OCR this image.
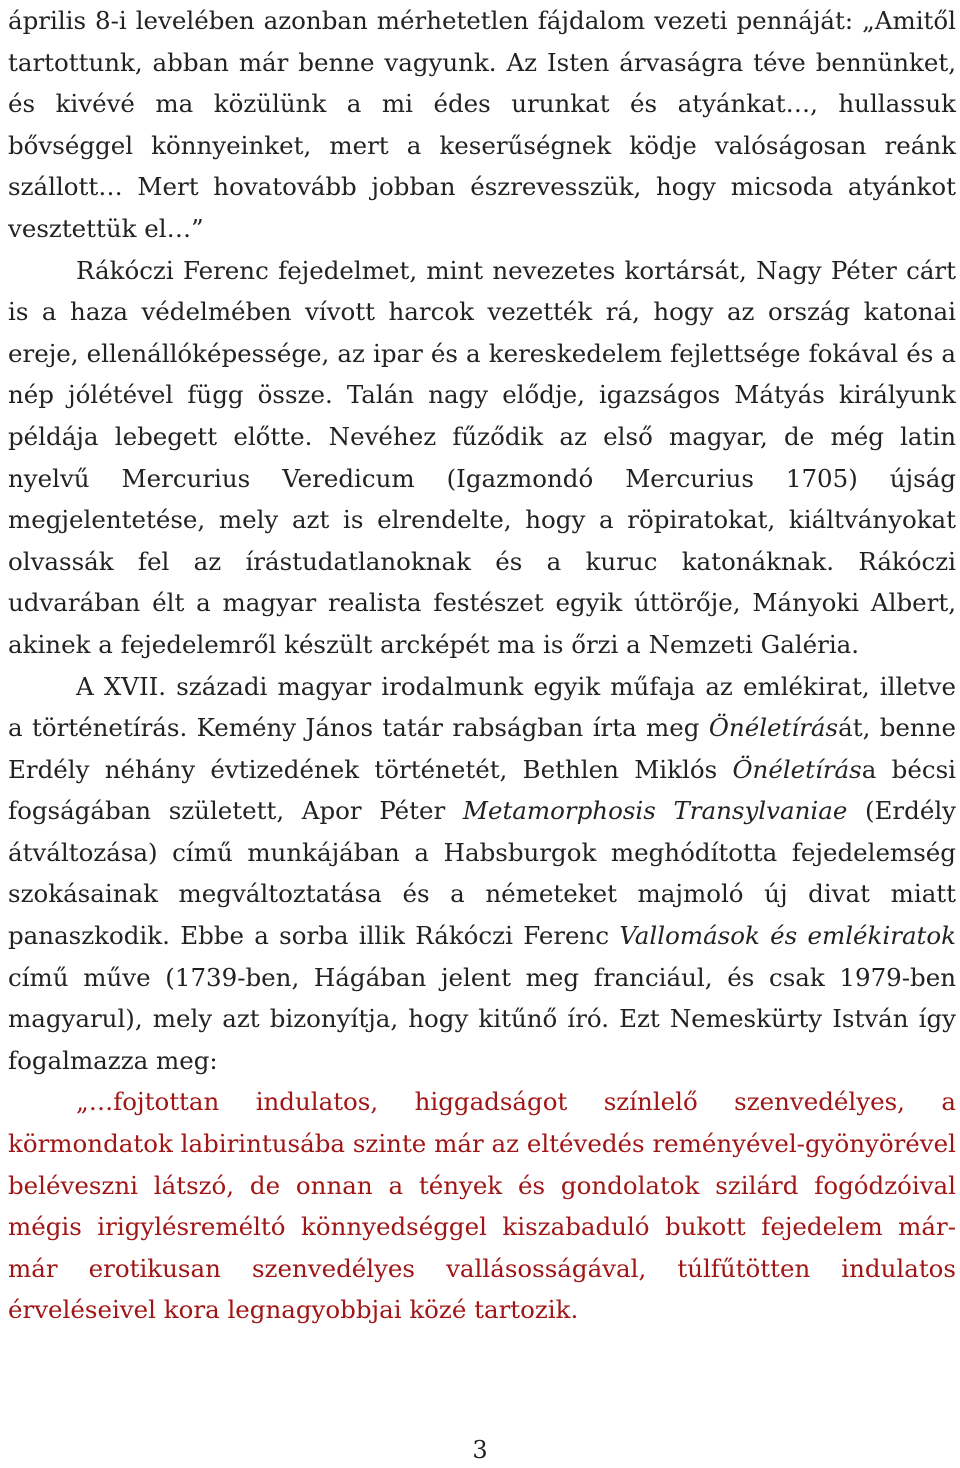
április 8-i levelében azonban mérhetetlen fájdalom vezeti pennáját: „Amitől tartottunk, abban már benne vagyunk. Az Isten árvaságra téve bennünket, és kivévé ma közülünk a mi édes urunkat és atyánkat…, hullassuk bővséggel könnyeinket, mert a keserűségnek ködje valóságosan reánk szállott… Mert hovatovább jobban észrevesszük, hogy micsoda atyánkot vesztettük el…”

Rákóczi Ferenc fejedelmet, mint nevezetes kortársát, Nagy Péter cárt is a haza védelmében vívott harcok vezették rá, hogy az ország katonai ereje, ellenállóképessége, az ipar és a kereskedelem fejlettsége fokával és a nép jólétével függ össze. Talán nagy elődje, igazságos Mátyás királyunk példája lebegett előtte. Nevéhez fűződik az első magyar, de még latin nyelvű Mercurius Veredicum (Igazmondó Mercurius 1705) újság megjelentetése, mely azt is elrendelte, hogy a röpiratokat, kiáltványokat olvassák fel az írástudatlanoknak és a kuruc katonáknak. Rákóczi udvarában élt a magyar realista festészet egyik úttörője, Mányoki Albert, akinek a fejedelemről készült arcképét ma is őrzi a Nemzeti Galéria.

A XVII. századi magyar irodalmunk egyik műfaja az emlékirat, illetve a történetírás. Kemény János tatár rabságban írta meg Önéletírását, benne Erdély néhány évtizedének történetét, Bethlen Miklós Önéletírása bécsi fogságában született, Apor Péter Metamorphosis Transylvaniae (Erdély átváltozása) című munkájában a Habsburgok meghódította fejedelemség szokásainak megváltoztatása és a németeket majmoló új divat miatt panaszkodik. Ebbe a sorba illik Rákóczi Ferenc Vallomások és emlékiratok című műve (1739-ben, Hágában jelent meg franciául, és csak 1979-ben magyarul), mely azt bizonyítja, hogy kitűnő író. Ezt Nemeskürty István így fogalmazza meg:

„…fojtottan indulatos, higgadságot színlelő szenvedélyes, a körmondatok labirintusába szinte már az eltévedés reményével-gyönyörével beléveszni látszó, de onnan a tények és gondolatok szilárd fogódzóival mégis irigylésreméltó könnyedséggel kiszabaduló bukott fejedelem már-már erotikusan szenvedélyes vallásosságával, túlfűtötten indulatos érveléseivel kora legnagyobbjai közé tartozik.

3
